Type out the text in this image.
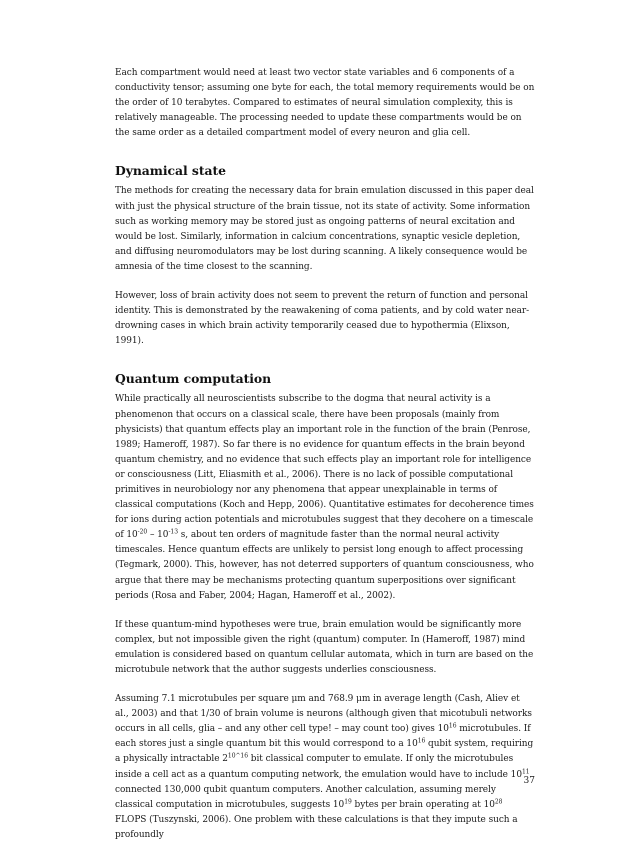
Each compartment would need at least two vector state variables and 6 components of a conductivity tensor; assuming one byte for each, the total memory requirements would be on the order of 10 terabytes. Compared to estimates of neural simulation complexity, this is relatively manageable. The processing needed to update these compartments would be on the same order as a detailed compartment model of every neuron and glia cell.

Dynamical state

The methods for creating the necessary data for brain emulation discussed in this paper deal with just the physical structure of the brain tissue, not its state of activity. Some information such as working memory may be stored just as ongoing patterns of neural excitation and would be lost. Similarly, information in calcium concentrations, synaptic vesicle depletion, and diffusing neuromodulators may be lost during scanning. A likely consequence would be amnesia of the time closest to the scanning.

However, loss of brain activity does not seem to prevent the return of function and personal identity. This is demonstrated by the reawakening of coma patients, and by cold water near-drowning cases in which brain activity temporarily ceased due to hypothermia (Elixson, 1991).

Quantum computation

While practically all neuroscientists subscribe to the dogma that neural activity is a phenomenon that occurs on a classical scale, there have been proposals (mainly from physicists) that quantum effects play an important role in the function of the brain (Penrose, 1989; Hameroff, 1987). So far there is no evidence for quantum effects in the brain beyond quantum chemistry, and no evidence that such effects play an important role for intelligence or consciousness (Litt, Eliasmith et al., 2006). There is no lack of possible computational primitives in neurobiology nor any phenomena that appear unexplainable in terms of classical computations (Koch and Hepp, 2006). Quantitative estimates for decoherence times for ions during action potentials and microtubules suggest that they decohere on a timescale of $10^{-20} - 10^{-13}$ s, about ten orders of magnitude faster than the normal neural activity timescales. Hence quantum effects are unlikely to persist long enough to affect processing (Tegmark, 2000). This, however, has not deterred supporters of quantum consciousness, who argue that there may be mechanisms protecting quantum superpositions over significant periods (Rosa and Faber, 2004; Hagan, Hameroff et al., 2002).

If these quantum-mind hypotheses were true, brain emulation would be significantly more complex, but not impossible given the right (quantum) computer. In (Hameroff, 1987) mind emulation is considered based on quantum cellular automata, which in turn are based on the microtubule network that the author suggests underlies consciousness.

Assuming 7.1 microtubules per square μm and 768.9 μm in average length (Cash, Aliev et al., 2003) and that 1/30 of brain volume is neurons (although given that micotubuli networks occurs in all cells, glia – and any other cell type! – may count too) gives $10^{16}$ microtubules. If each stores just a single quantum bit this would correspond to a $10^{16}$ qubit system, requiring a physically intractable $2^{10\^{}16}$ bit classical computer to emulate. If only the microtubules inside a cell act as a quantum computing network, the emulation would have to include $10^{11}$ connected 130,000 qubit quantum computers. Another calculation, assuming merely classical computation in microtubules, suggests $10^{19}$ bytes per brain operating at $10^{28}$ FLOPS (Tuszynski, 2006). One problem with these calculations is that they impute such a profoundly

37
